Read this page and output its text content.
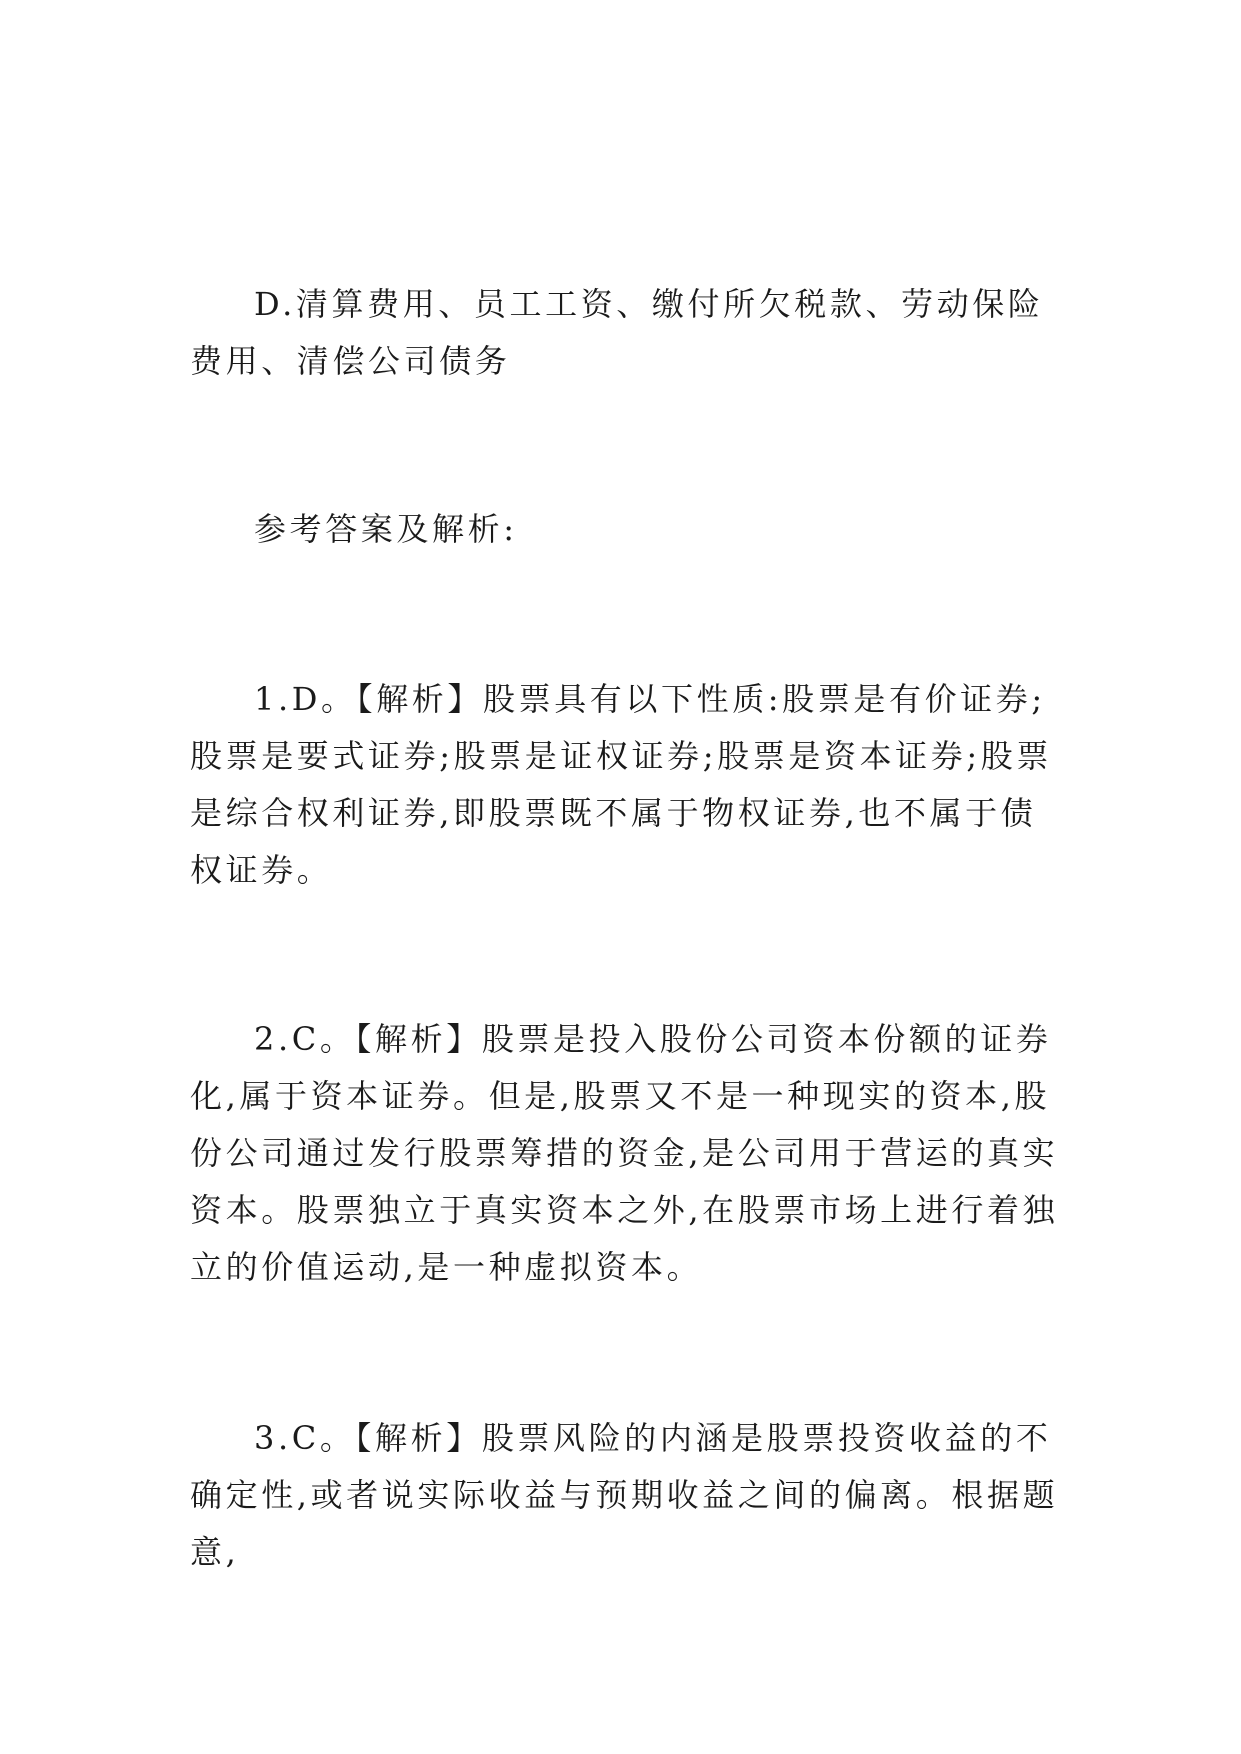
D.清算费用、员工工资、缴付所欠税款、劳动保险费用、清偿公司债务

参考答案及解析:

1.D。【解析】股票具有以下性质:股票是有价证券;股票是要式证券;股票是证权证券;股票是资本证券;股票是综合权利证券,即股票既不属于物权证券,也不属于债权证券。

2.C。【解析】股票是投入股份公司资本份额的证券化,属于资本证券。但是,股票又不是一种现实的资本,股份公司通过发行股票筹措的资金,是公司用于营运的真实资本。股票独立于真实资本之外,在股票市场上进行着独立的价值运动,是一种虚拟资本。

3.C。【解析】股票风险的内涵是股票投资收益的不确定性,或者说实际收益与预期收益之间的偏离。根据题意,
